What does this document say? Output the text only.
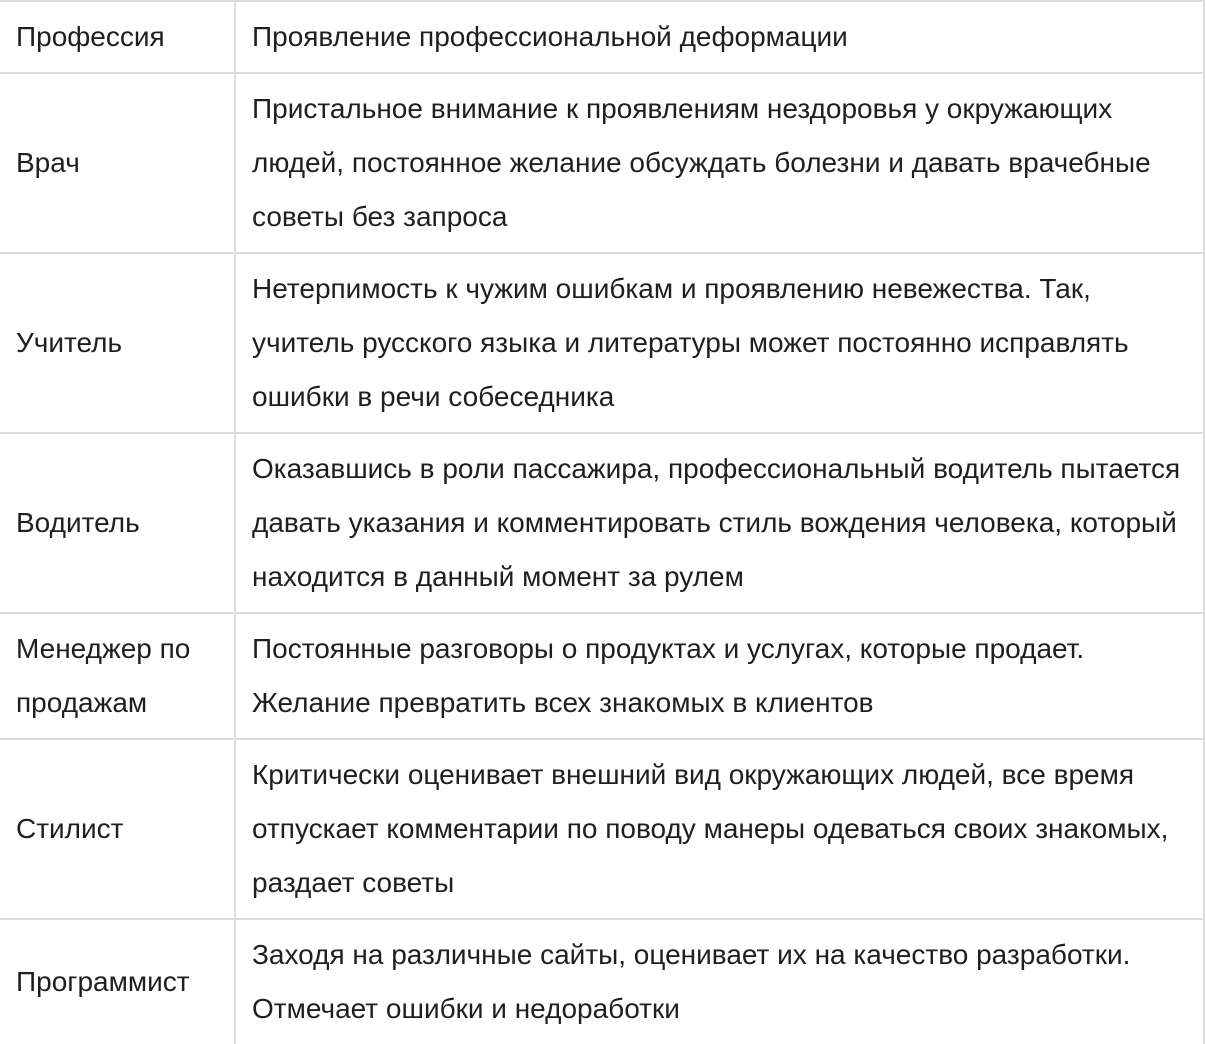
Профессия	Проявление профессиональной деформации
Врач	Пристальное внимание к проявлениям нездоровья у окружающих людей, постоянное желание обсуждать болезни и давать врачебные советы без запроса
Учитель	Нетерпимость к чужим ошибкам и проявлению невежества. Так, учитель русского языка и литературы может постоянно исправлять ошибки в речи собеседника
Водитель	Оказавшись в роли пассажира, профессиональный водитель пытается давать указания и комментировать стиль вождения человека, который находится в данный момент за рулем
Менеджер по продажам	Постоянные разговоры о продуктах и услугах, которые продает. Желание превратить всех знакомых в клиентов
Стилист	Критически оценивает внешний вид окружающих людей, все время отпускает комментарии по поводу манеры одеваться своих знакомых, раздает советы
Программист	Заходя на различные сайты, оценивает их на качество разработки. Отмечает ошибки и недоработки
